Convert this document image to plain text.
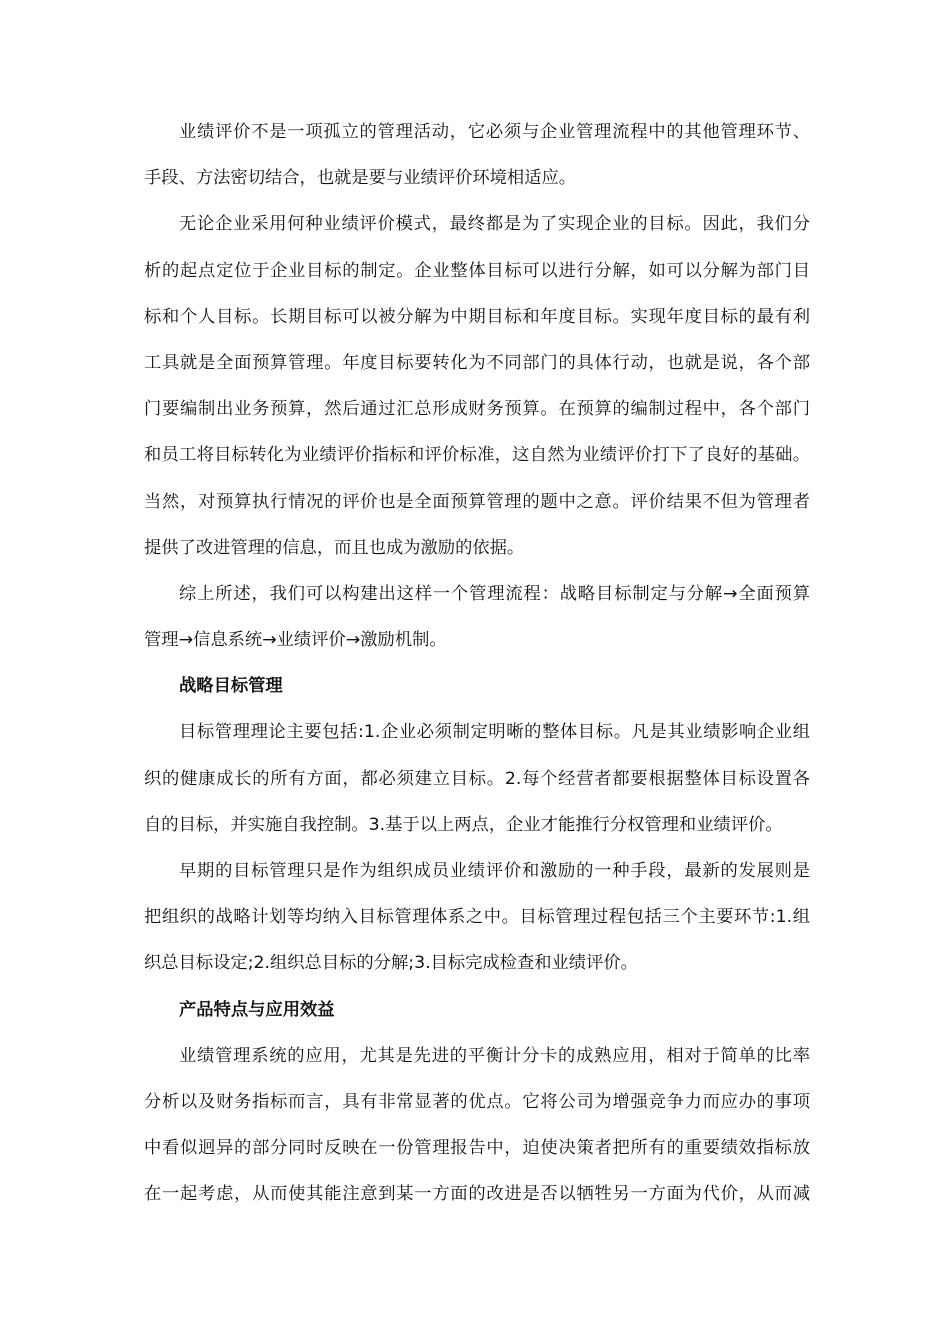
业绩评价不是一项孤立的管理活动，它必须与企业管理流程中的其他管理环节、
手段、方法密切结合，也就是要与业绩评价环境相适应。
无论企业采用何种业绩评价模式，最终都是为了实现企业的目标。因此，我们分
析的起点定位于企业目标的制定。企业整体目标可以进行分解，如可以分解为部门目
标和个人目标。长期目标可以被分解为中期目标和年度目标。实现年度目标的最有利
工具就是全面预算管理。年度目标要转化为不同部门的具体行动，也就是说，各个部
门要编制出业务预算，然后通过汇总形成财务预算。在预算的编制过程中，各个部门
和员工将目标转化为业绩评价指标和评价标准，这自然为业绩评价打下了良好的基础。
当然，对预算执行情况的评价也是全面预算管理的题中之意。评价结果不但为管理者
提供了改进管理的信息，而且也成为激励的依据。
综上所述，我们可以构建出这样一个管理流程：战略目标制定与分解→全面预算
管理→信息系统→业绩评价→激励机制。
战略目标管理
目标管理理论主要包括:1.企业必须制定明晰的整体目标。凡是其业绩影响企业组
织的健康成长的所有方面，都必须建立目标。2.每个经营者都要根据整体目标设置各
自的目标，并实施自我控制。3.基于以上两点，企业才能推行分权管理和业绩评价。
早期的目标管理只是作为组织成员业绩评价和激励的一种手段，最新的发展则是
把组织的战略计划等均纳入目标管理体系之中。目标管理过程包括三个主要环节:1.组
织总目标设定;2.组织总目标的分解;3.目标完成检查和业绩评价。
产品特点与应用效益
业绩管理系统的应用，尤其是先进的平衡计分卡的成熟应用，相对于简单的比率
分析以及财务指标而言，具有非常显著的优点。它将公司为增强竞争力而应办的事项
中看似迥异的部分同时反映在一份管理报告中，迫使决策者把所有的重要绩效指标放
在一起考虑，从而使其能注意到某一方面的改进是否以牺牲另一方面为代价，从而减
